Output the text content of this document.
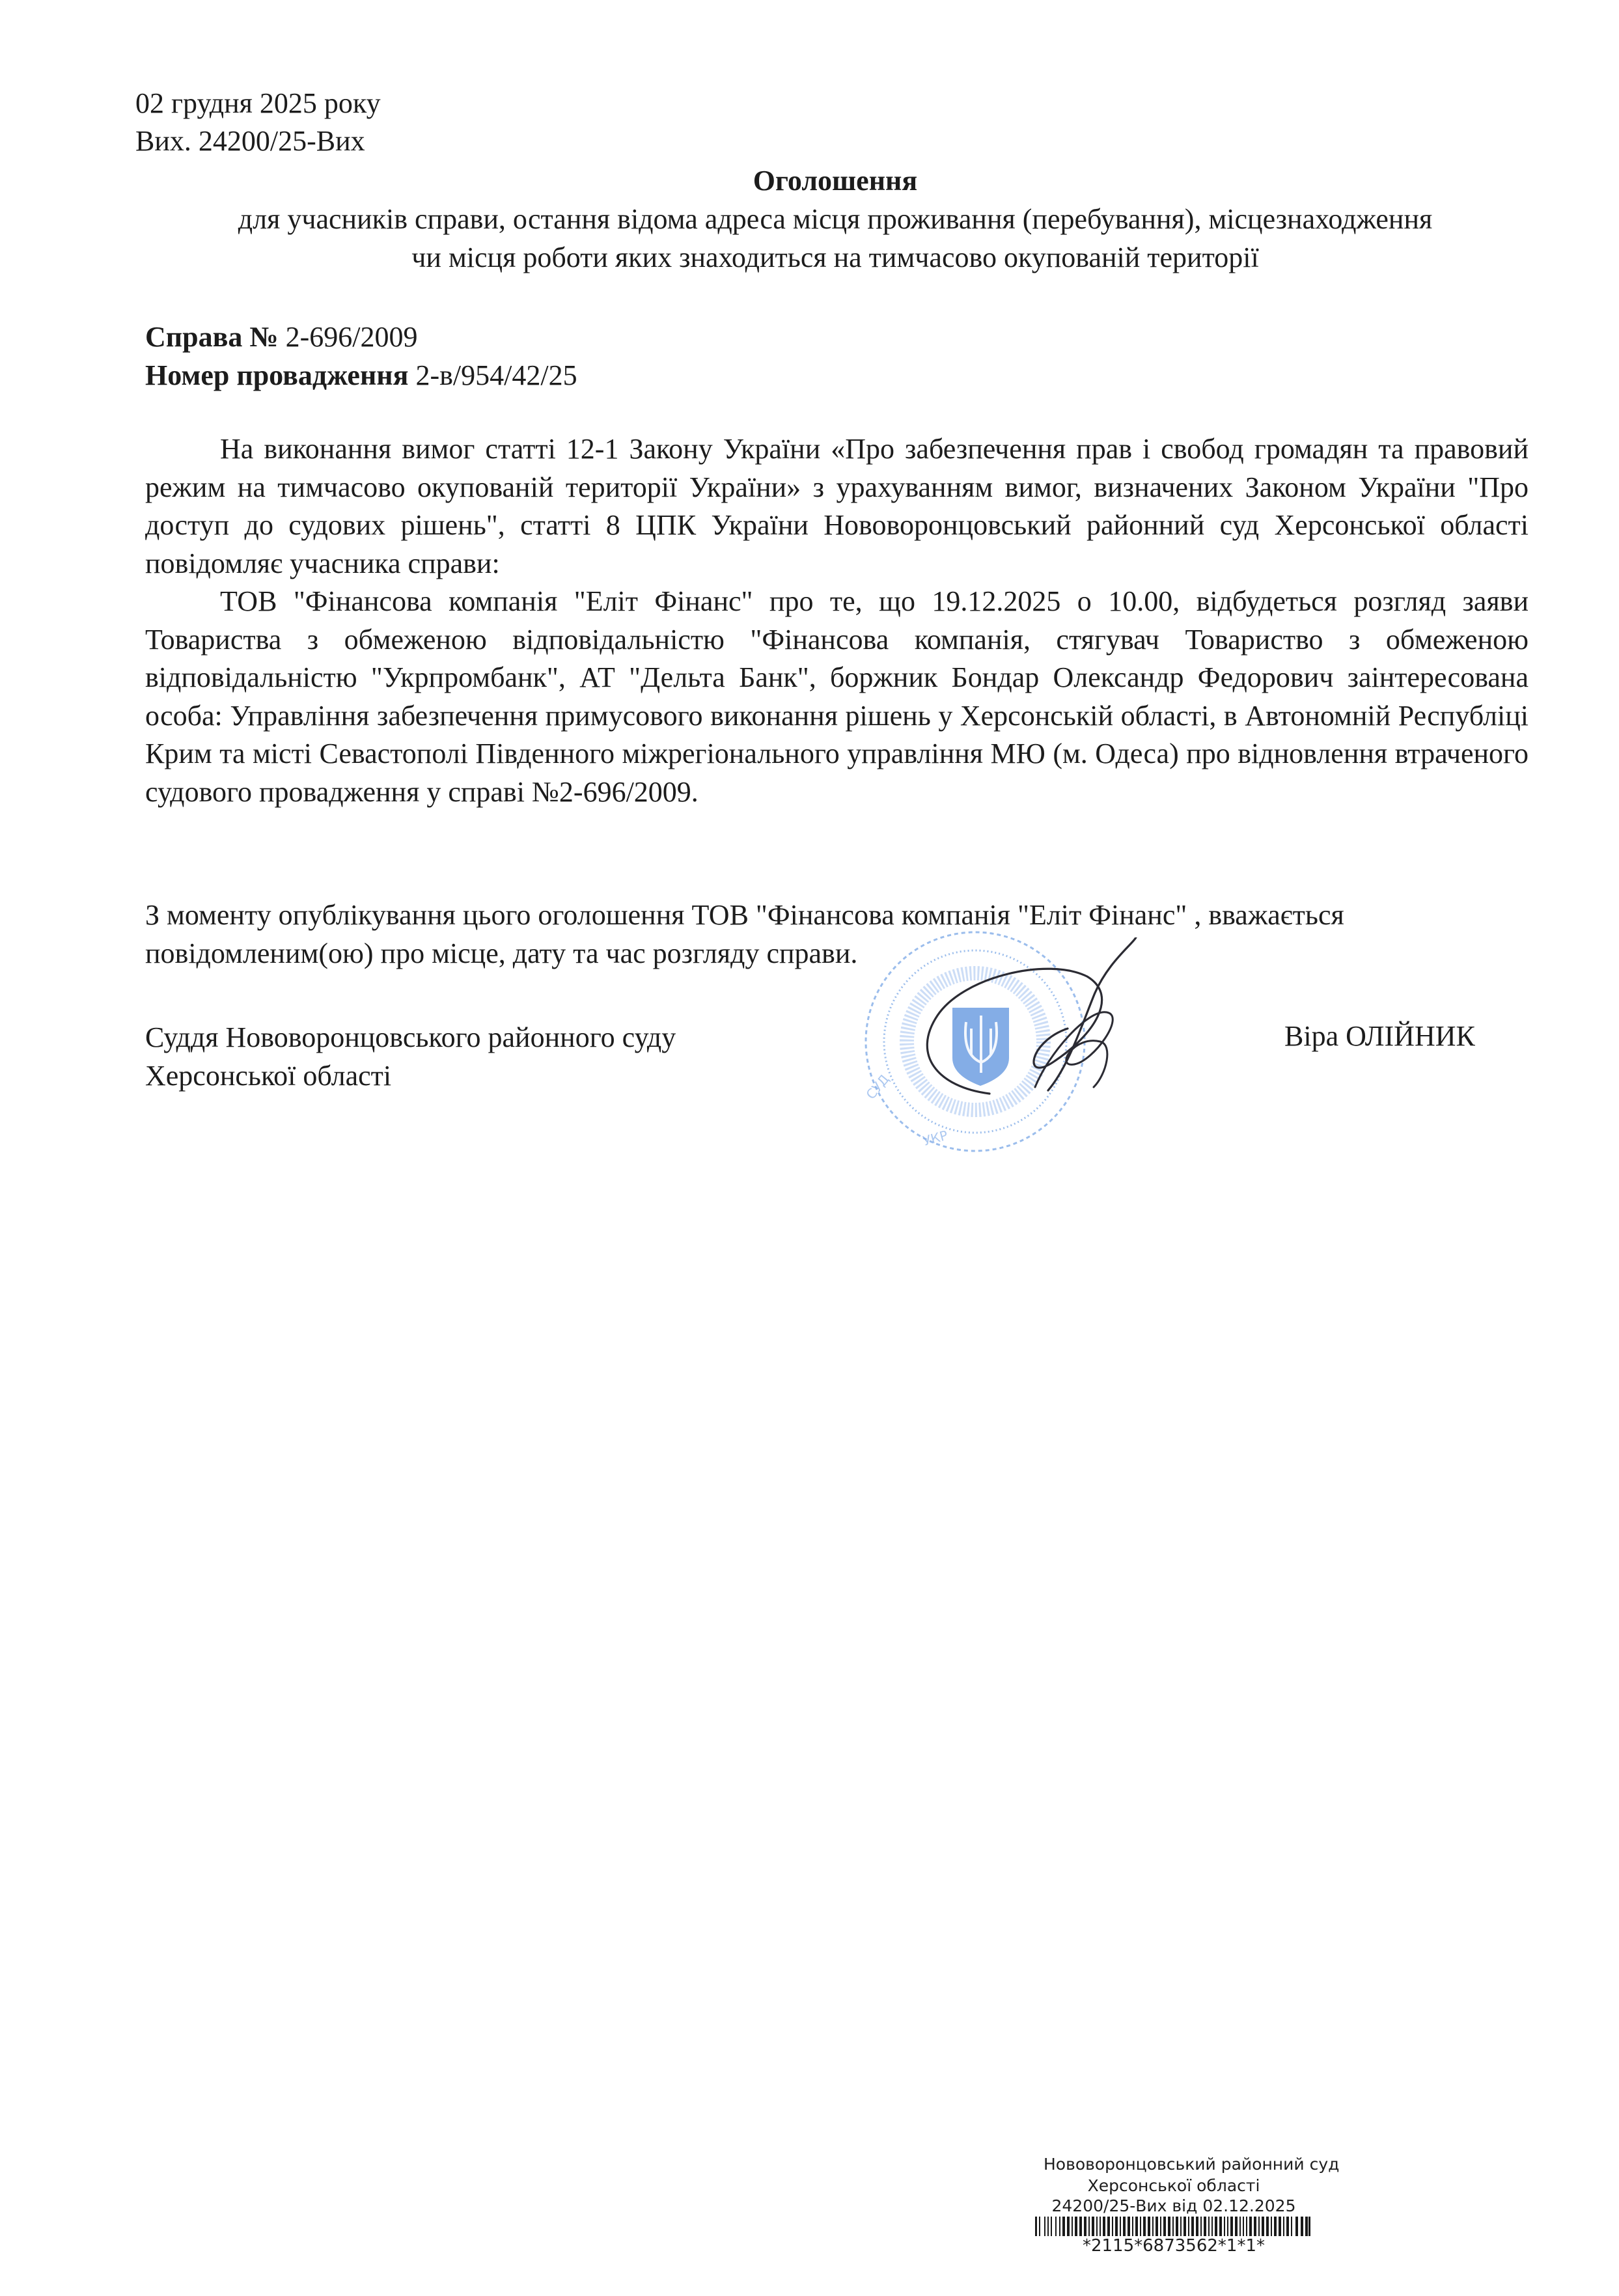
02 грудня 2025 року
Вих. 24200/25-Вих
Оголошення
для учасників справи, остання відома адреса місця проживання (перебування), місцезнаходження
чи місця роботи яких знаходиться на тимчасово окупованій території
Справа № 2-696/2009
Номер провадження 2-в/954/42/25

На виконання вимог статті 12-1 Закону України «Про забезпечення прав і свобод громадян та правовий режим на тимчасово окупованій території України» з урахуванням вимог, визначених Законом України "Про доступ до судових рішень", статті 8 ЦПК України Нововоронцовський районний суд Херсонської області повідомляє учасника справи:

ТОВ "Фінансова компанія "Еліт Фінанс" про те, що 19.12.2025 о 10.00, відбудеться розгляд заяви Товариства з обмеженою відповідальністю "Фінансова компанія, стягувач Товариство з обмеженою відповідальністю "Укрпромбанк", АТ "Дельта Банк", боржник Бондар Олександр Федорович заінтересована особа: Управління забезпечення примусового виконання рішень у Херсонській області, в Автономній Республіці Крим та місті Севастополі Південного міжрегіонального управління МЮ (м. Одеса) про відновлення втраченого судового провадження у справі №2-696/2009.

З моменту опублікування цього оголошення ТОВ "Фінансова компанія "Еліт Фінанс" , вважається повідомленим(ою) про місце, дату та час розгляду справи.

Суддя Нововоронцовського районного суду
Херсонської області
Віра ОЛІЙНИК
СУД
УКР
Нововоронцовський районний суд
Херсонської області
24200/25-Вих від 02.12.2025
*2115*6873562*1*1*
